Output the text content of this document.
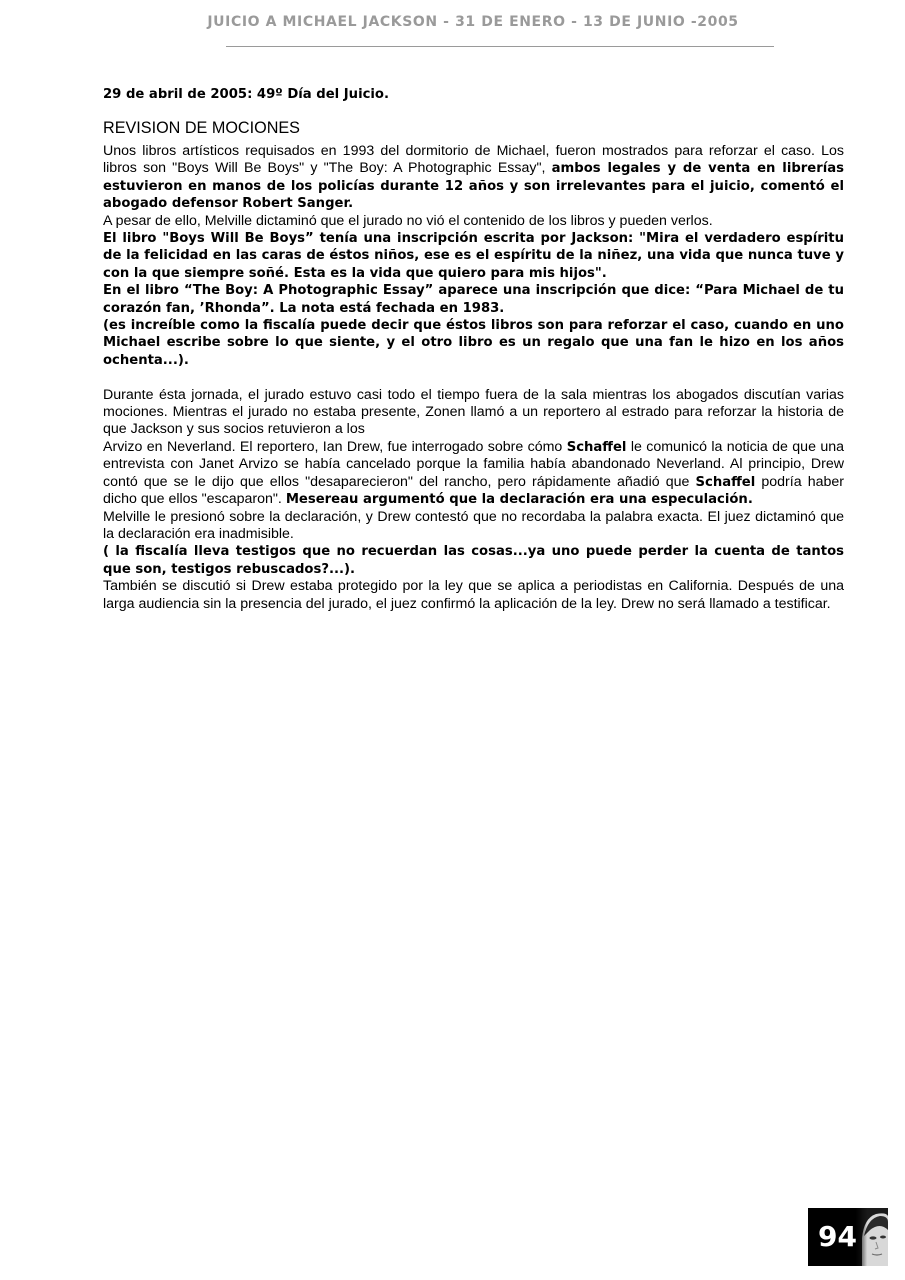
JUICIO A MICHAEL JACKSON - 31 DE ENERO - 13 DE JUNIO -2005
29 de abril de 2005: 49º Día del Juicio.
REVISION DE MOCIONES

Unos libros artísticos requisados en 1993 del dormitorio de Michael, fueron mostrados para reforzar el caso. Los libros son "Boys Will Be Boys" y "The Boy: A Photographic Essay", ambos legales y de venta en librerías estuvieron en manos de los policías durante 12 años y son irrelevantes para el juicio, comentó el abogado defensor Robert Sanger.

A pesar de ello, Melville dictaminó que el jurado no vió el contenido de los libros y pueden verlos.

El libro "Boys Will Be Boys” tenía una inscripción escrita por Jackson: "Mira el verdadero espíritu de la felicidad en las caras de éstos niños, ese es el espíritu de la niñez, una vida que nunca tuve y con la que siempre soñé. Esta es la vida que quiero para mis hijos".

En el libro “The Boy: A Photographic Essay” aparece una inscripción que dice: “Para Michael de tu corazón fan, ’Rhonda”. La nota está fechada en 1983.

(es increíble como la fiscalía puede decir que éstos libros son para reforzar el caso, cuando en uno Michael escribe sobre lo que siente, y el otro libro es un regalo que una fan le hizo en los años ochenta...).

Durante ésta jornada, el jurado estuvo casi todo el tiempo fuera de la sala mientras los abogados discutían varias mociones. Mientras el jurado no estaba presente, Zonen llamó a un reportero al estrado para reforzar la historia de que Jackson y sus socios retuvieron a los

Arvizo en Neverland. El reportero, Ian Drew, fue interrogado sobre cómo Schaffel le comunicó la noticia de que una entrevista con Janet Arvizo se había cancelado porque la familia había abandonado Neverland. Al principio, Drew contó que se le dijo que ellos "desaparecieron" del rancho, pero rápidamente añadió que Schaffel podría haber dicho que ellos "escaparon". Mesereau argumentó que la declaración era una especulación.

Melville le presionó sobre la declaración, y Drew contestó que no recordaba la palabra exacta. El juez dictaminó que la declaración era inadmisible.

( la fiscalía lleva testigos que no recuerdan las cosas...ya uno puede perder la cuenta de tantos que son, testigos rebuscados?...).

También se discutió si Drew estaba protegido por la ley que se aplica a periodistas en California. Después de una larga audiencia sin la presencia del jurado, el juez confirmó la aplicación de la ley. Drew no será llamado a testificar.

94
